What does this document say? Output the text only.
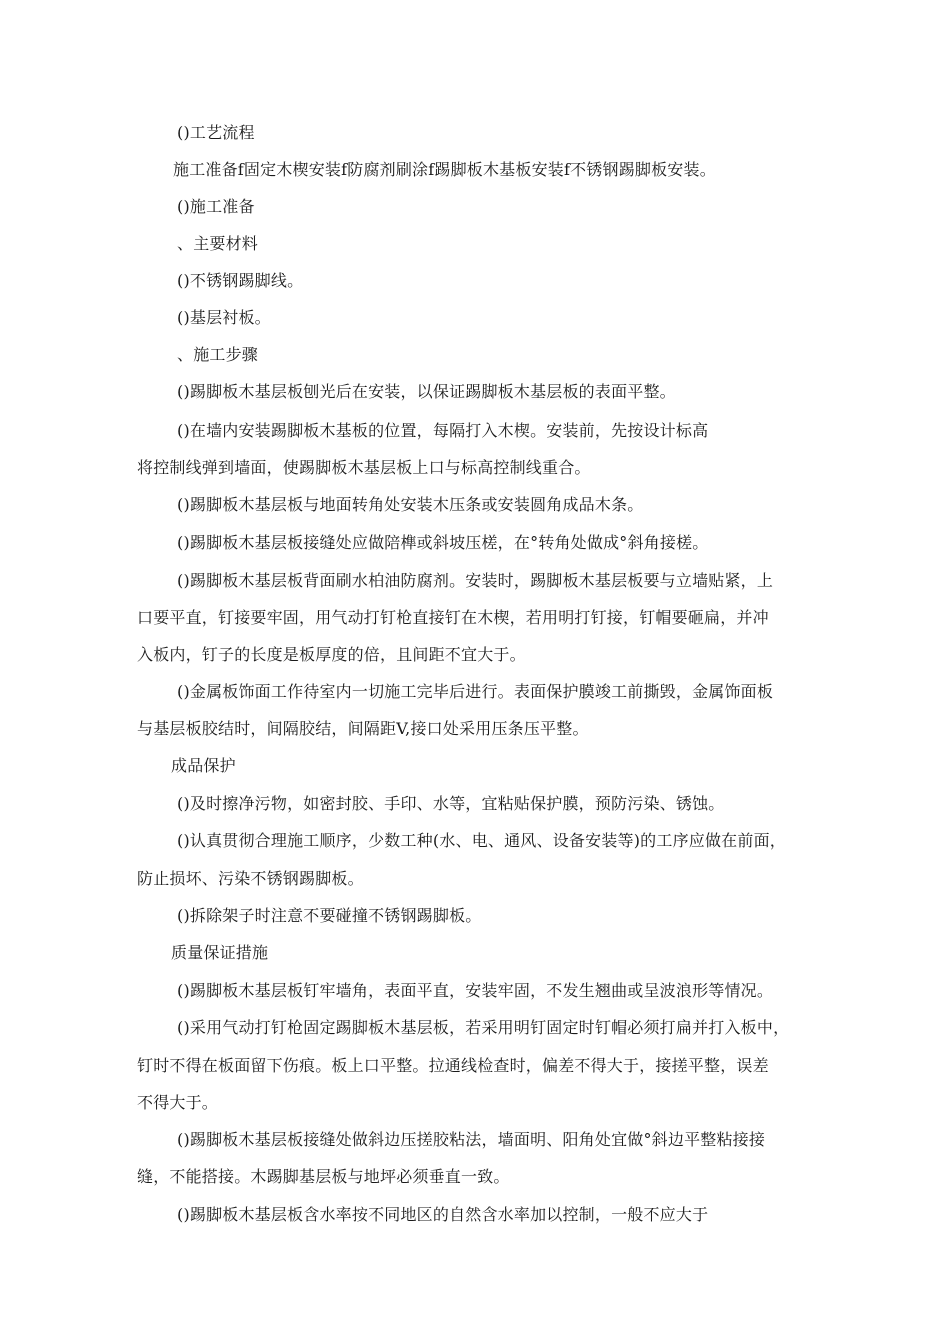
()工艺流程
施工准备f固定木楔安装f防腐剂刷涂f踢脚板木基板安装f不锈钢踢脚板安装。
()施工准备
、主要材料
()不锈钢踢脚线。
()基层衬板。
、施工步骤
()踢脚板木基层板刨光后在安装，以保证踢脚板木基层板的表面平整。
()在墙内安装踢脚板木基板的位置，每隔打入木楔。安装前，先按设计标高
将控制线弹到墙面，使踢脚板木基层板上口与标高控制线重合。
()踢脚板木基层板与地面转角处安装木压条或安装圆角成品木条。
()踢脚板木基层板接缝处应做陪榫或斜坡压槎，在°转角处做成°斜角接槎。
()踢脚板木基层板背面刷水柏油防腐剂。安装时，踢脚板木基层板要与立墙贴紧，上
口要平直，钉接要牢固，用气动打钉枪直接钉在木楔，若用明打钉接，钉帽要砸扁，并冲
入板内，钉子的长度是板厚度的倍，且间距不宜大于。
()金属板饰面工作待室内一切施工完毕后进行。表面保护膜竣工前撕毁，金属饰面板
与基层板胶结时，间隔胶结，间隔距V,接口处采用压条压平整。
成品保护
()及时擦净污物，如密封胶、手印、水等，宜粘贴保护膜，预防污染、锈蚀。
()认真贯彻合理施工顺序，少数工种(水、电、通风、设备安装等)的工序应做在前面，
防止损坏、污染不锈钢踢脚板。
()拆除架子时注意不要碰撞不锈钢踢脚板。
质量保证措施
()踢脚板木基层板钉牢墙角，表面平直，安装牢固，不发生翘曲或呈波浪形等情况。
()采用气动打钉枪固定踢脚板木基层板，若采用明钉固定时钉帽必须打扁并打入板中，
钉时不得在板面留下伤痕。板上口平整。拉通线检查时，偏差不得大于，接搓平整，误差
不得大于。
()踢脚板木基层板接缝处做斜边压搓胶粘法，墙面明、阳角处宜做°斜边平整粘接接
缝，不能搭接。木踢脚基层板与地坪必须垂直一致。
()踢脚板木基层板含水率按不同地区的自然含水率加以控制，一般不应大于
